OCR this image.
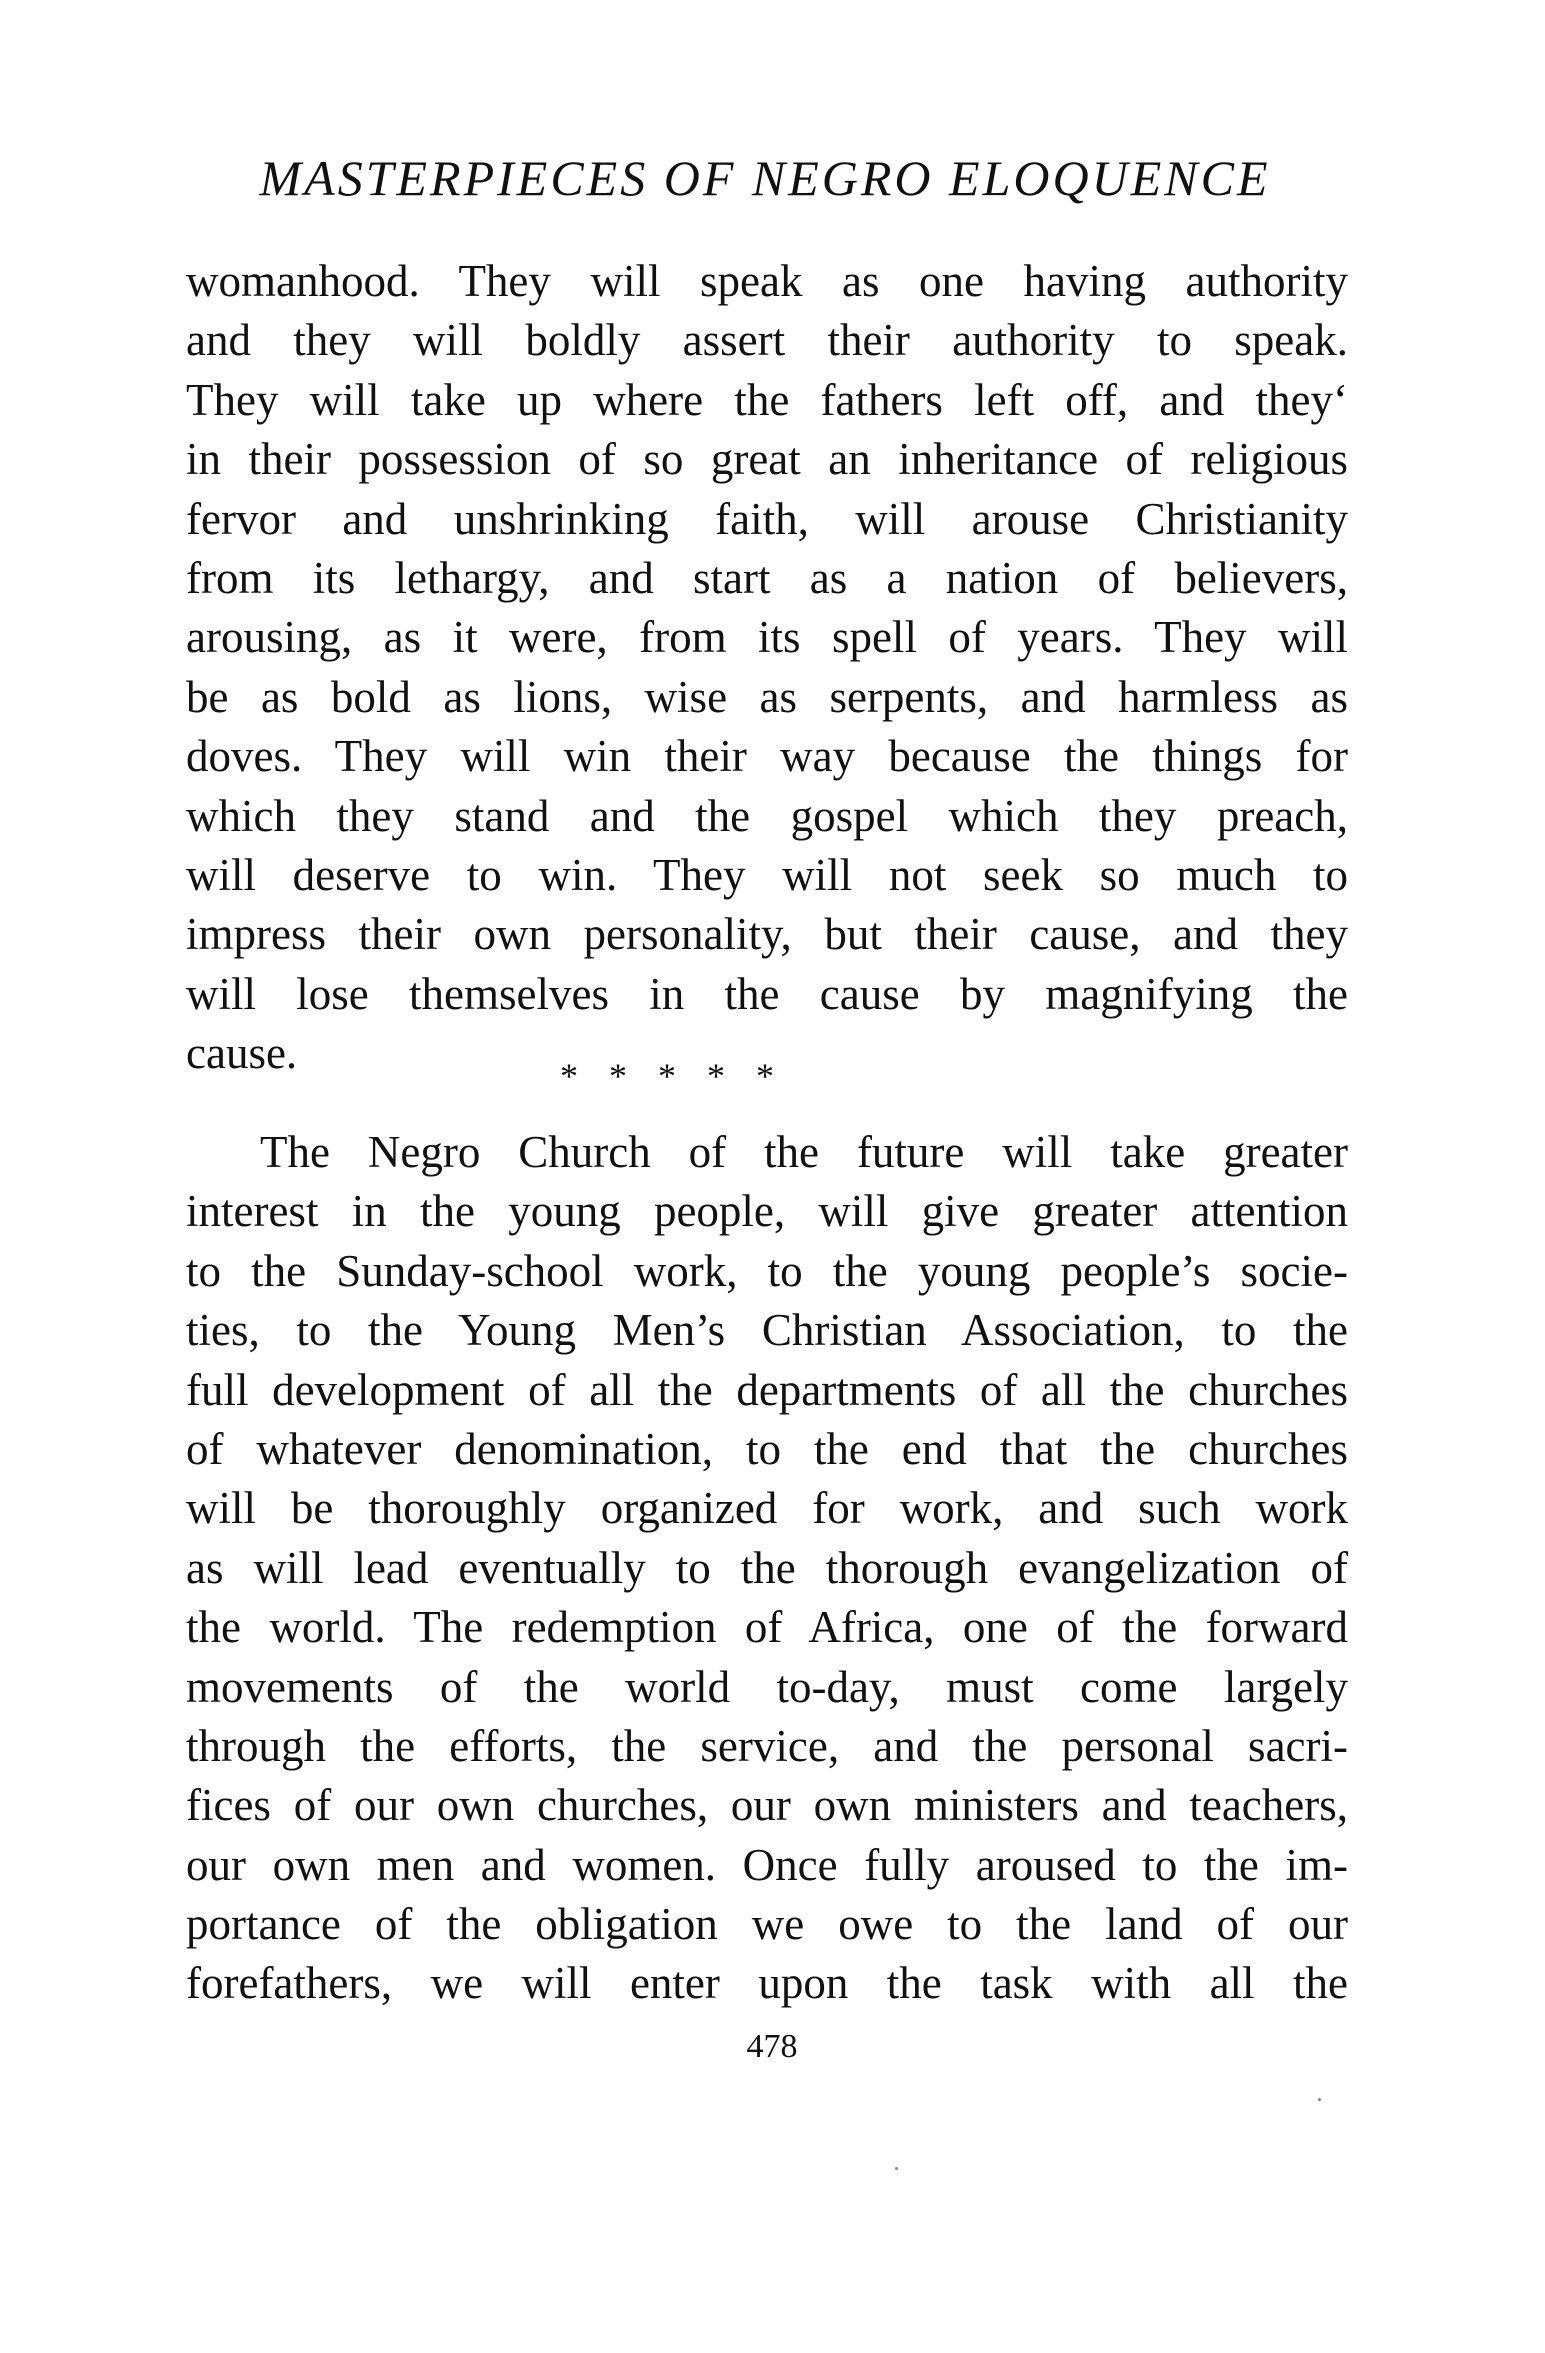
MASTERPIECES OF NEGRO ELOQUENCE
womanhood. They will speak as one having authority
and they will boldly assert their authority to speak.
They will take up where the fathers left off, and they‘
in their possession of so great an inheritance of religious
fervor and unshrinking faith, will arouse Christianity
from its lethargy, and start as a nation of believers,
arousing, as it were, from its spell of years. They will
be as bold as lions, wise as serpents, and harmless as
doves. They will win their way because the things for
which they stand and the gospel which they preach,
will deserve to win. They will not seek so much to
impress their own personality, but their cause, and they
will lose themselves in the cause by magnifying the
cause.	* * * * *
The Negro Church of the future will take greater
interest in the young people, will give greater attention
to the Sunday-school work, to the young people’s socie-
ties, to the Young Men’s Christian Association, to the
full development of all the departments of all the churches
of whatever denomination, to the end that the churches
will be thoroughly organized for work, and such work
as will lead eventually to the thorough evangelization of
the world. The redemption of Africa, one of the forward
movements of the world to-day, must come largely
through the efforts, the service, and the personal sacri-
fices of our own churches, our own ministers and teachers,
our own men and women. Once fully aroused to the im-
portance of the obligation we owe to the land of our
forefathers, we will enter upon the task with all the
478
